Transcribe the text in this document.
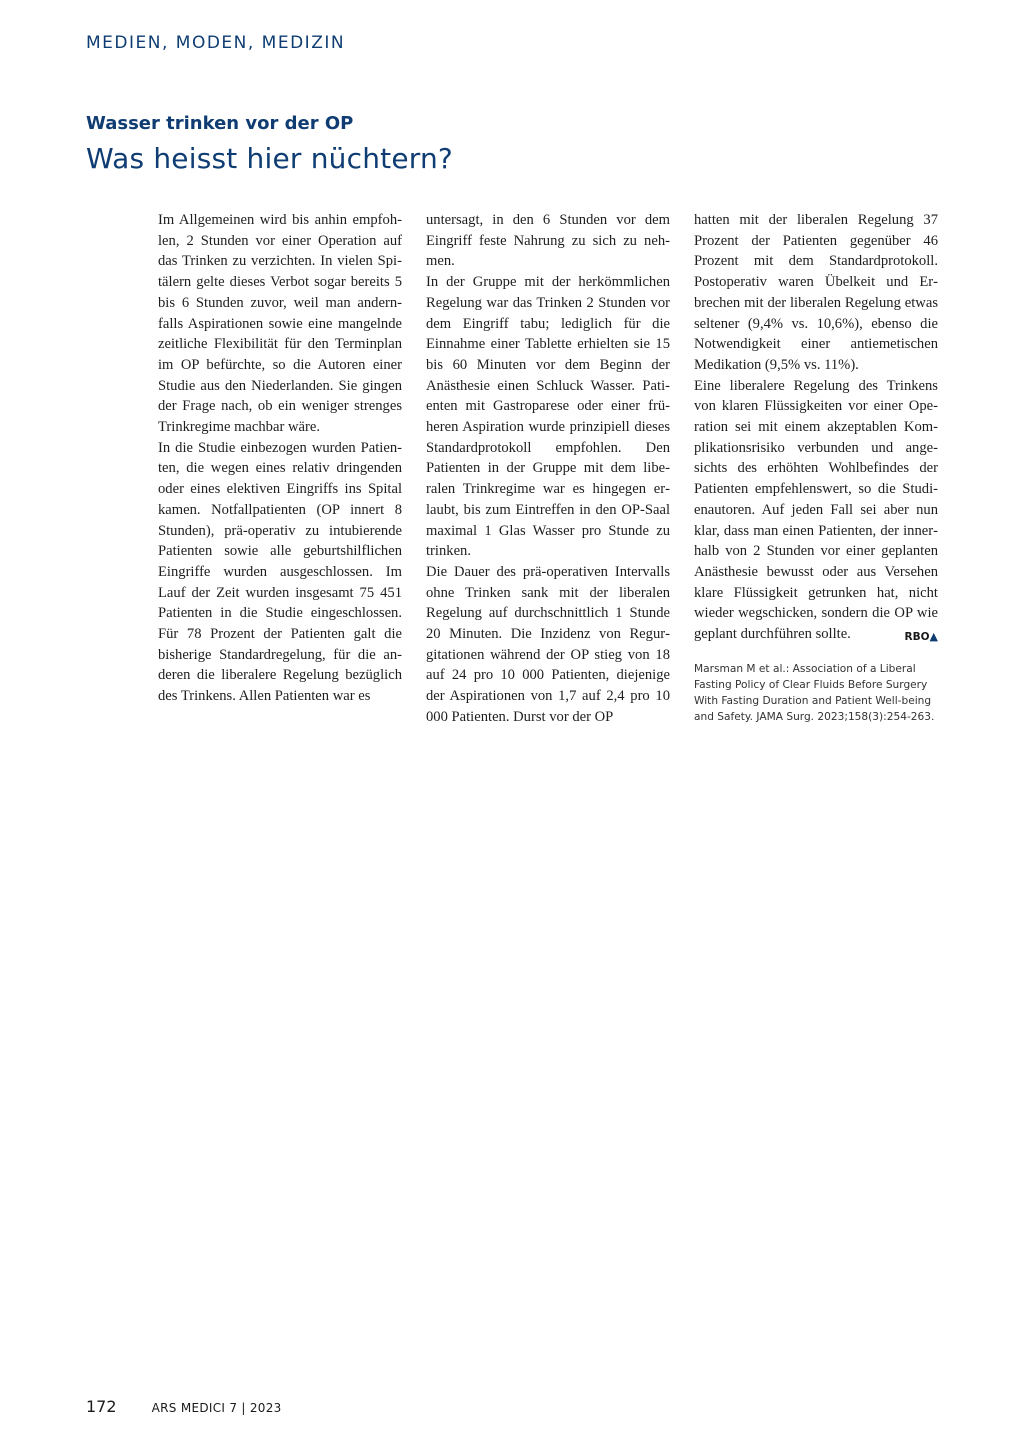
MEDIEN, MODEN, MEDIZIN
Wasser trinken vor der OP
Was heisst hier nüchtern?

Im Allgemeinen wird bis anhin empfohlen, 2 Stunden vor einer Operation auf das Trinken zu verzichten. In vielen Spitälern gelte dieses Verbot sogar bereits 5 bis 6 Stunden zuvor, weil man andernfalls Aspirationen sowie eine mangelnde zeitliche Flexibilität für den Terminplan im OP befürchte, so die Autoren einer Studie aus den Niederlanden. Sie gingen der Frage nach, ob ein weniger strenges Trinkregime machbar wäre.

In die Studie einbezogen wurden Patienten, die wegen eines relativ dringenden oder eines elektiven Eingriffs ins Spital kamen. Notfallpatienten (OP innert 8 Stunden), prä-operativ zu intubierende Patienten sowie alle geburtshilflichen Eingriffe wurden ausgeschlossen. Im Lauf der Zeit wurden insgesamt 75 451 Patienten in die Studie eingeschlossen. Für 78 Prozent der Patienten galt die bisherige Standardregelung, für die anderen die liberalere Regelung bezüglich des Trinkens. Allen Patienten war es

untersagt, in den 6 Stunden vor dem Eingriff feste Nahrung zu sich zu nehmen.

In der Gruppe mit der herkömmlichen Regelung war das Trinken 2 Stunden vor dem Eingriff tabu; lediglich für die Einnahme einer Tablette erhielten sie 15 bis 60 Minuten vor dem Beginn der Anästhesie einen Schluck Wasser. Patienten mit Gastroparese oder einer früheren Aspiration wurde prinzipiell dieses Standardprotokoll empfohlen. Den Patienten in der Gruppe mit dem liberalen Trinkregime war es hingegen erlaubt, bis zum Eintreffen in den OP-Saal maximal 1 Glas Wasser pro Stunde zu trinken.

Die Dauer des prä-operativen Intervalls ohne Trinken sank mit der liberalen Regelung auf durchschnittlich 1 Stunde 20 Minuten. Die Inzidenz von Regurgitationen während der OP stieg von 18 auf 24 pro 10 000 Patienten, diejenige der Aspirationen von 1,7 auf 2,4 pro 10 000 Patienten. Durst vor der OP

hatten mit der liberalen Regelung 37 Prozent der Patienten gegenüber 46 Prozent mit dem Standardprotokoll. Postoperativ waren Übelkeit und Erbrechen mit der liberalen Regelung etwas seltener (9,4% vs. 10,6%), ebenso die Notwendigkeit einer antiemetischen Medikation (9,5% vs. 11%).

Eine liberalere Regelung des Trinkens von klaren Flüssigkeiten vor einer Operation sei mit einem akzeptablen Komplikationsrisiko verbunden und angesichts des erhöhten Wohlbefindes der Patienten empfehlenswert, so die Studienautoren. Auf jeden Fall sei aber nun klar, dass man einen Patienten, der innerhalb von 2 Stunden vor einer geplanten Anästhesie bewusst oder aus Versehen klare Flüssigkeit getrunken hat, nicht wieder wegschicken, sondern die OP wie geplant durchführen sollte.	RBO▲

Marsman M et al.: Association of a Liberal Fasting Policy of Clear Fluids Before Surgery With Fasting Duration and Patient Well-being and Safety. JAMA Surg. 2023;158(3):254-263.
172	ARS MEDICI 7 | 2023
